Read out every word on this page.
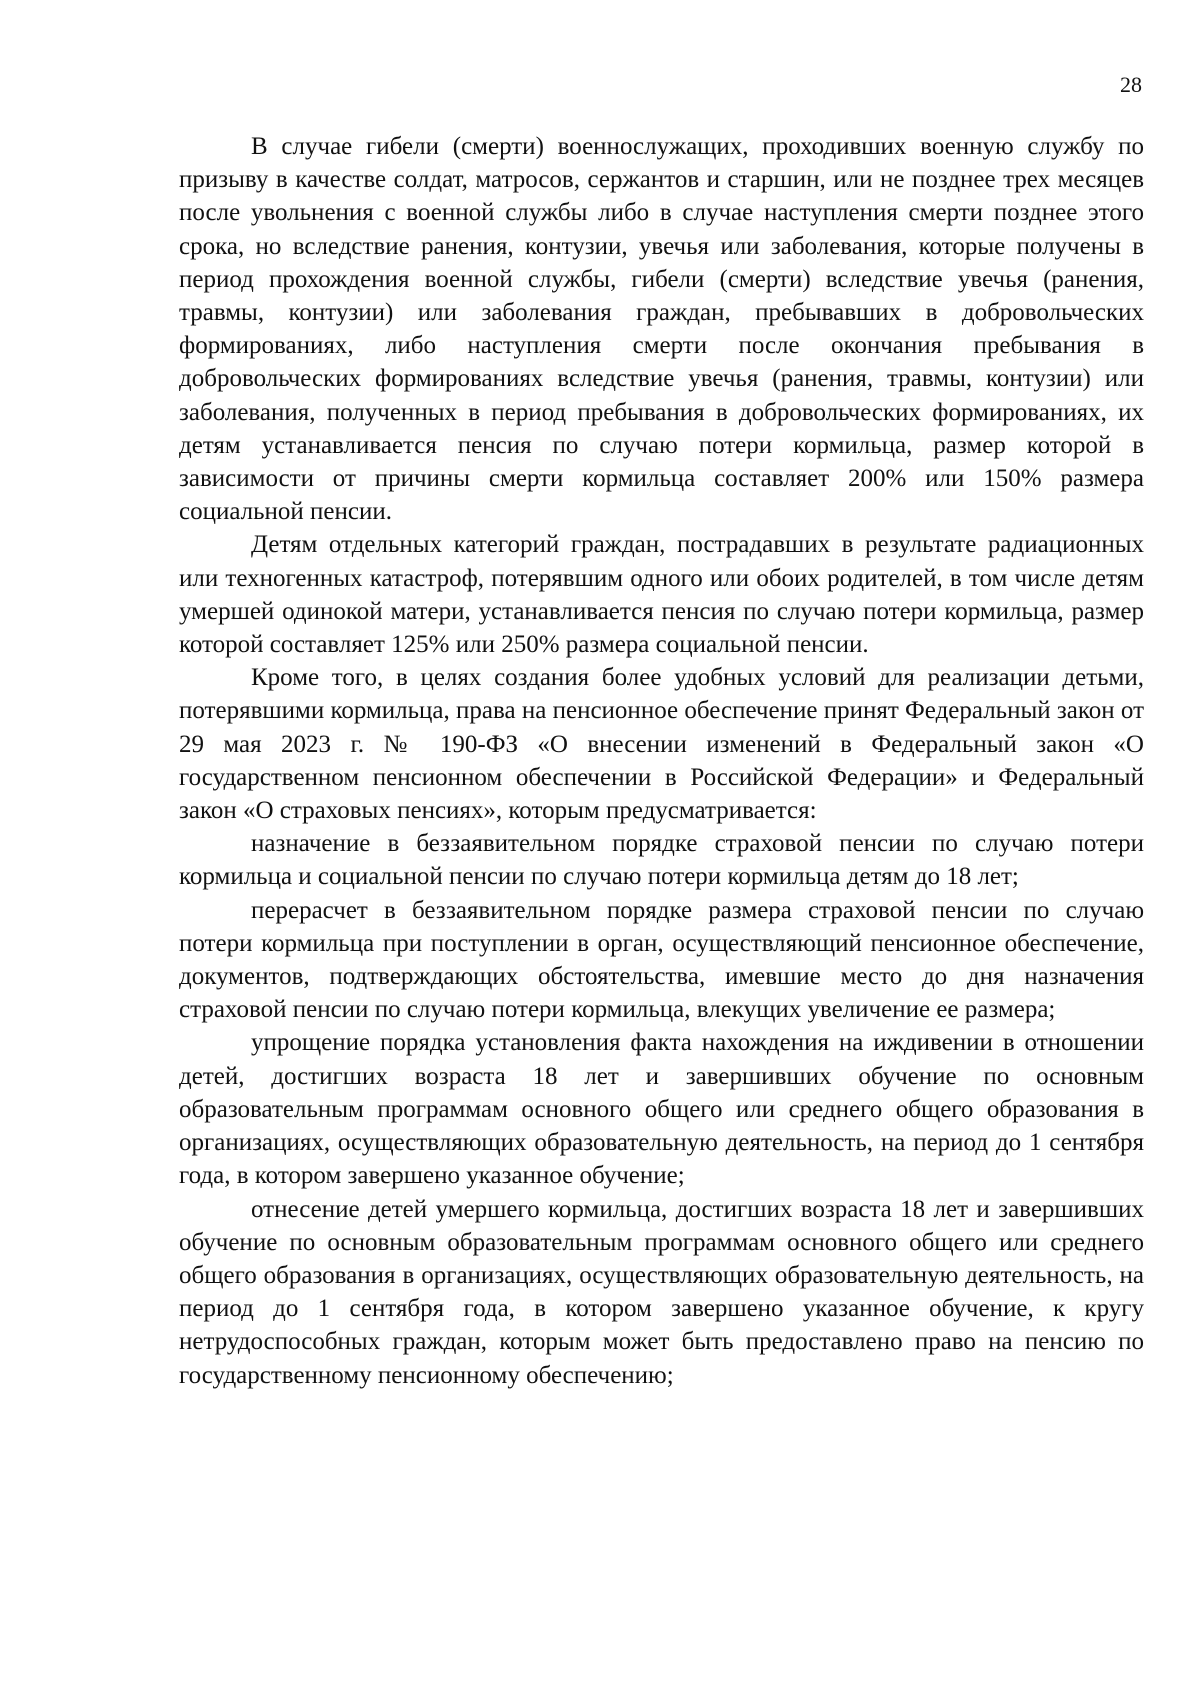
28

В случае гибели (смерти) военнослужащих, проходивших военную службу по призыву в качестве солдат, матросов, сержантов и старшин, или не позднее трех месяцев после увольнения с военной службы либо в случае наступления смерти позднее этого срока, но вследствие ранения, контузии, увечья или заболевания, которые получены в период прохождения военной службы, гибели (смерти) вследствие увечья (ранения, травмы, контузии) или заболевания граждан, пребывавших в добровольческих формированиях, либо наступления смерти после окончания пребывания в добровольческих формированиях вследствие увечья (ранения, травмы, контузии) или заболевания, полученных в период пребывания в добровольческих формированиях, их детям устанавливается пенсия по случаю потери кормильца, размер которой в зависимости от причины смерти кормильца составляет 200% или 150% размера социальной пенсии.

Детям отдельных категорий граждан, пострадавших в результате радиационных или техногенных катастроф, потерявшим одного или обоих родителей, в том числе детям умершей одинокой матери, устанавливается пенсия по случаю потери кормильца, размер которой составляет 125% или 250% размера социальной пенсии.

Кроме того, в целях создания более удобных условий для реализации детьми, потерявшими кормильца, права на пенсионное обеспечение принят Федеральный закон от 29 мая 2023 г. № 190-ФЗ «О внесении изменений в Федеральный закон «О государственном пенсионном обеспечении в Российской Федерации» и Федеральный закон «О страховых пенсиях», которым предусматривается:

назначение в беззаявительном порядке страховой пенсии по случаю потери кормильца и социальной пенсии по случаю потери кормильца детям до 18 лет;

перерасчет в беззаявительном порядке размера страховой пенсии по случаю потери кормильца при поступлении в орган, осуществляющий пенсионное обеспечение, документов, подтверждающих обстоятельства, имевшие место до дня назначения страховой пенсии по случаю потери кормильца, влекущих увеличение ее размера;

упрощение порядка установления факта нахождения на иждивении в отношении детей, достигших возраста 18 лет и завершивших обучение по основным образовательным программам основного общего или среднего общего образования в организациях, осуществляющих образовательную деятельность, на период до 1 сентября года, в котором завершено указанное обучение;

отнесение детей умершего кормильца, достигших возраста 18 лет и завершивших обучение по основным образовательным программам основного общего или среднего общего образования в организациях, осуществляющих образовательную деятельность, на период до 1 сентября года, в котором завершено указанное обучение, к кругу нетрудоспособных граждан, которым может быть предоставлено право на пенсию по государственному пенсионному обеспечению;
